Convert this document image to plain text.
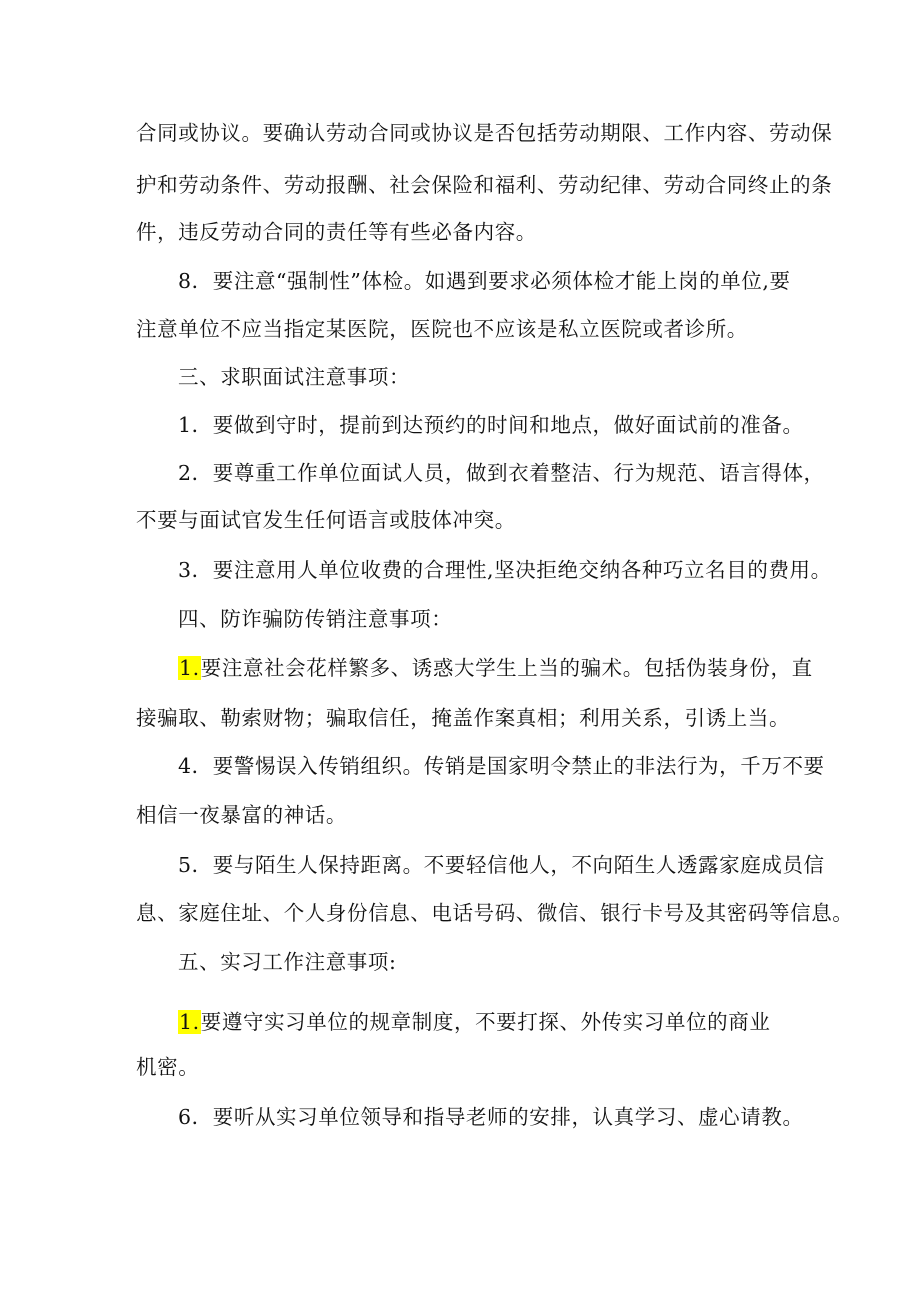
合同或协议。要确认劳动合同或协议是否包括劳动期限、工作内容、劳动保
护和劳动条件、劳动报酬、社会保险和福利、劳动纪律、劳动合同终止的条
件，违反劳动合同的责任等有些必备内容。
8．要注意“强制性”体检。如遇到要求必须体检才能上岗的单位,要
注意单位不应当指定某医院，医院也不应该是私立医院或者诊所。
三、求职面试注意事项：
1．要做到守时，提前到达预约的时间和地点，做好面试前的准备。
2．要尊重工作单位面试人员，做到衣着整洁、行为规范、语言得体，
不要与面试官发生任何语言或肢体冲突。
3．要注意用人单位收费的合理性,坚决拒绝交纳各种巧立名目的费用。
四、防诈骗防传销注意事项：
1.要注意社会花样繁多、诱惑大学生上当的骗术。包括伪装身份，直
接骗取、勒索财物；骗取信任，掩盖作案真相；利用关系，引诱上当。
4．要警惕误入传销组织。传销是国家明令禁止的非法行为，千万不要
相信一夜暴富的神话。
5．要与陌生人保持距离。不要轻信他人，不向陌生人透露家庭成员信
息、家庭住址、个人身份信息、电话号码、微信、银行卡号及其密码等信息。
五、实习工作注意事项:
1.要遵守实习单位的规章制度，不要打探、外传实习单位的商业
机密。
6．要听从实习单位领导和指导老师的安排，认真学习、虚心请教。
